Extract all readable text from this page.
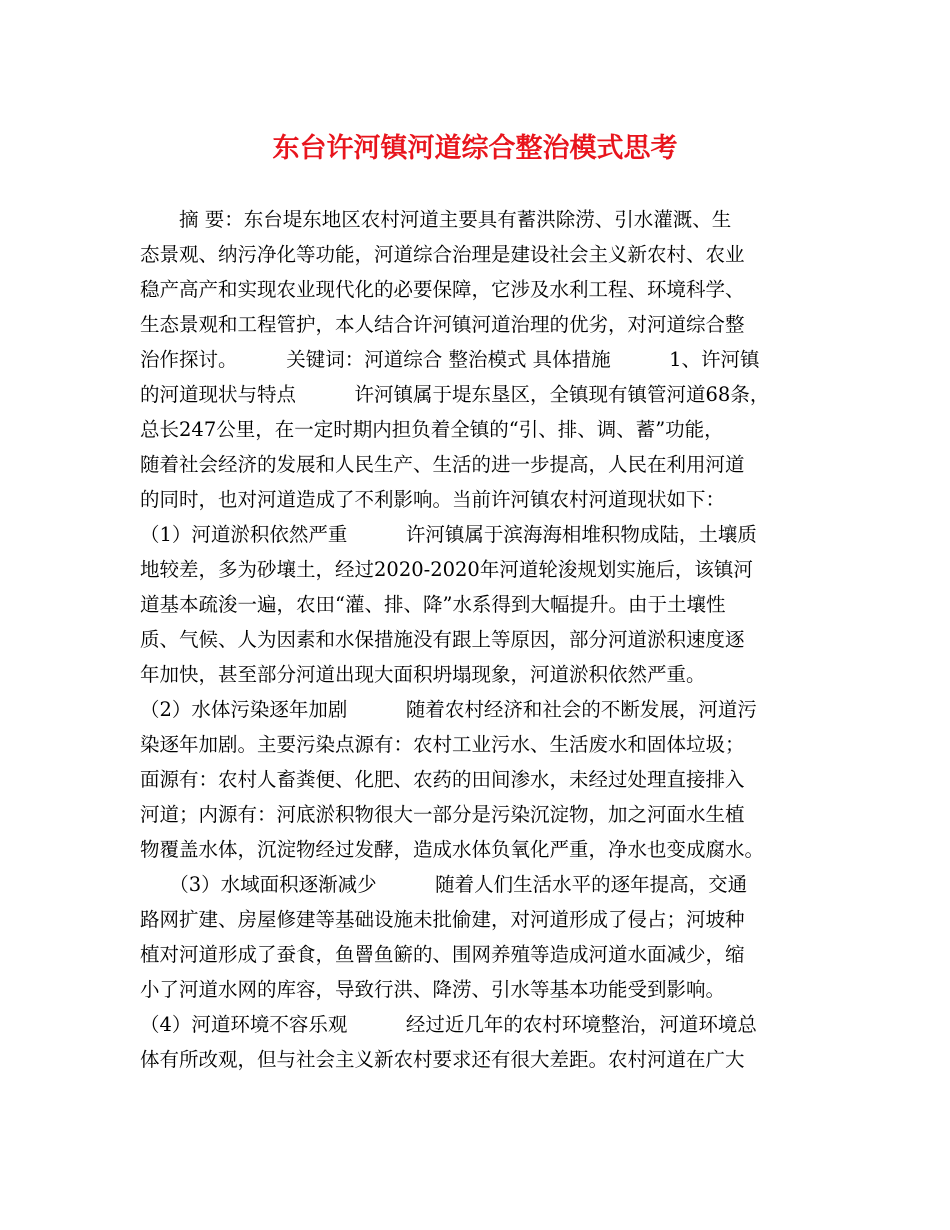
东台许河镇河道综合整治模式思考
　　摘 要：东台堤东地区农村河道主要具有蓄洪除涝、引水灌溉、生
态景观、纳污净化等功能，河道综合治理是建设社会主义新农村、农业
稳产高产和实现农业现代化的必要保障，它涉及水利工程、环境科学、
生态景观和工程管护，本人结合许河镇河道治理的优劣，对河道综合整
治作探讨。　　　关键词：河道综合 整治模式 具体措施　　　1、许河镇
的河道现状与特点　　　许河镇属于堤东垦区，全镇现有镇管河道68条，
总长247公里，在一定时期内担负着全镇的“引、排、调、蓄”功能，
随着社会经济的发展和人民生产、生活的进一步提高，人民在利用河道
的同时，也对河道造成了不利影响。当前许河镇农村河道现状如下：
（1）河道淤积依然严重　　　许河镇属于滨海海相堆积物成陆，土壤质
地较差，多为砂壤土，经过2020-2020年河道轮浚规划实施后，该镇河
道基本疏浚一遍，农田“灌、排、降”水系得到大幅提升。由于土壤性
质、气候、人为因素和水保措施没有跟上等原因，部分河道淤积速度逐
年加快，甚至部分河道出现大面积坍塌现象，河道淤积依然严重。
（2）水体污染逐年加剧　　　随着农村经济和社会的不断发展，河道污
染逐年加剧。主要污染点源有：农村工业污水、生活废水和固体垃圾；
面源有：农村人畜粪便、化肥、农药的田间渗水，未经过处理直接排入
河道；内源有：河底淤积物很大一部分是污染沉淀物，加之河面水生植
物覆盖水体，沉淀物经过发酵，造成水体负氧化严重，净水也变成腐水。
　　（3）水域面积逐渐减少　　　随着人们生活水平的逐年提高，交通
路网扩建、房屋修建等基础设施未批偷建，对河道形成了侵占；河坡种
植对河道形成了蚕食，鱼罾鱼簖的、围网养殖等造成河道水面减少，缩
小了河道水网的库容，导致行洪、降涝、引水等基本功能受到影响。
（4）河道环境不容乐观　　　经过近几年的农村环境整治，河道环境总
体有所改观，但与社会主义新农村要求还有很大差距。农村河道在广大
